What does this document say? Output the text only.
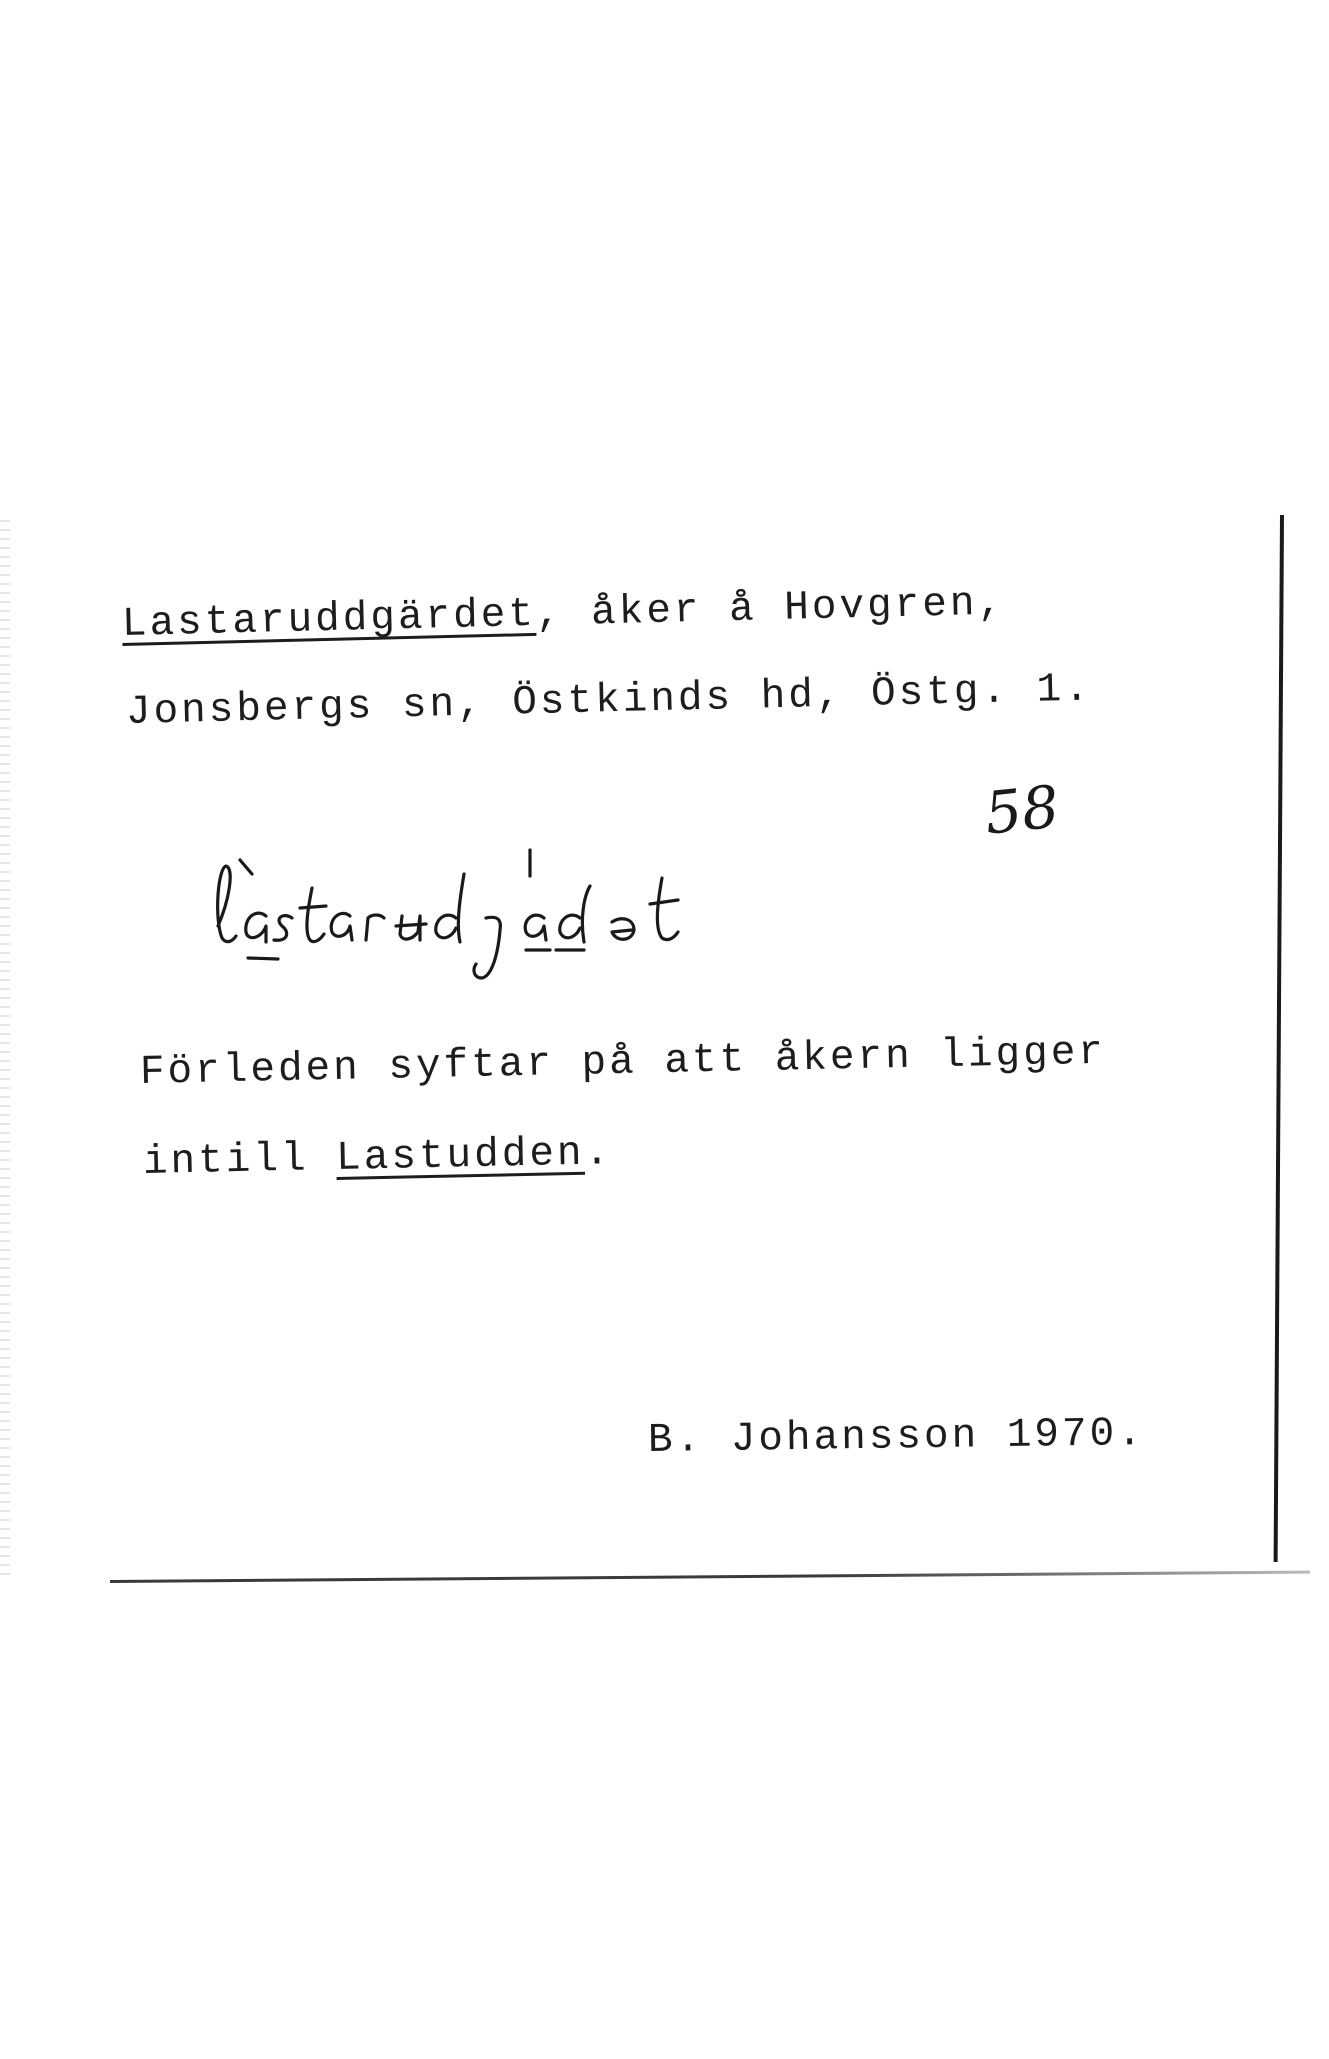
Lastaruddgärdet, åker å Hovgren,
Jonsbergs sn, Östkinds hd, Östg. 1.
58
Förleden syftar på att åkern ligger
intill Lastudden.
B. Johansson 1970.
